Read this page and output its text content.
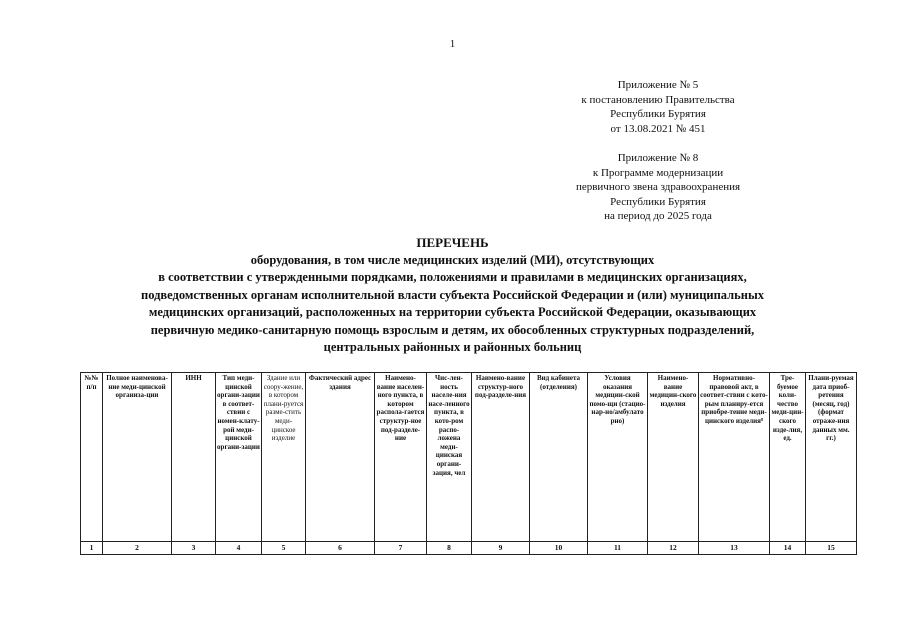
1
Приложение № 5
к постановлению Правительства
Республики Бурятия
от 13.08.2021 № 451
Приложение № 8
к Программе модернизации
первичного звена здравоохранения
Республики Бурятия
на период до 2025 года
ПЕРЕЧЕНЬ
оборудования, в том числе медицинских изделий (МИ), отсутствующих
в соответствии с утвержденными порядками, положениями и правилами в медицинских организациях,
подведомственных органам исполнительной власти субъекта Российской Федерации и (или) муниципальных
медицинских организаций, расположенных на территории субъекта Российской Федерации, оказывающих
первичную медико-санитарную помощь взрослым и детям, их обособленных структурных подразделений,
центральных районных и районных больниц
№№ п/п	Полное наименова-ние меди-цинской организа-ции	ИНН	Тип меди-цинской органи-зации в соответ-ствии с номен-клату-рой меди-цинской органи-зации	Здание или соору-жение, в котором плани-руется разме-стить меди-цинское изделие	Фактический адрес здания	Наимено-вание населен-ного пункта, в котором располa-гается структур-ное под-разделе-ние	Чис-лен-ность населе-ния насе-ленного пункта, в кото-ром распо-ложена меди-цинская органи-зация, чел	Наимено-вание структур-ного под-разделе-ния	Вид кабинета (отделения)	Условия оказания медицин-ской помо-щи (стацио-нар-но/амбулато рно)	Наимено-вание медицин-ского изделия	Нормативно-правовой акт, в соответ-ствии с кото-рым планиру-ется приобре-тение меди-цинского изделия⁸	Тре-буемое коли-чество меди-цин-ского изде-лия, ед.	Плани-руемая дата приоб-ретения (месяц, год) (формат отраже-ния данных мм. гг.)
1	2	3	4	5	6	7	8	9	10	11	12	13	14	15
